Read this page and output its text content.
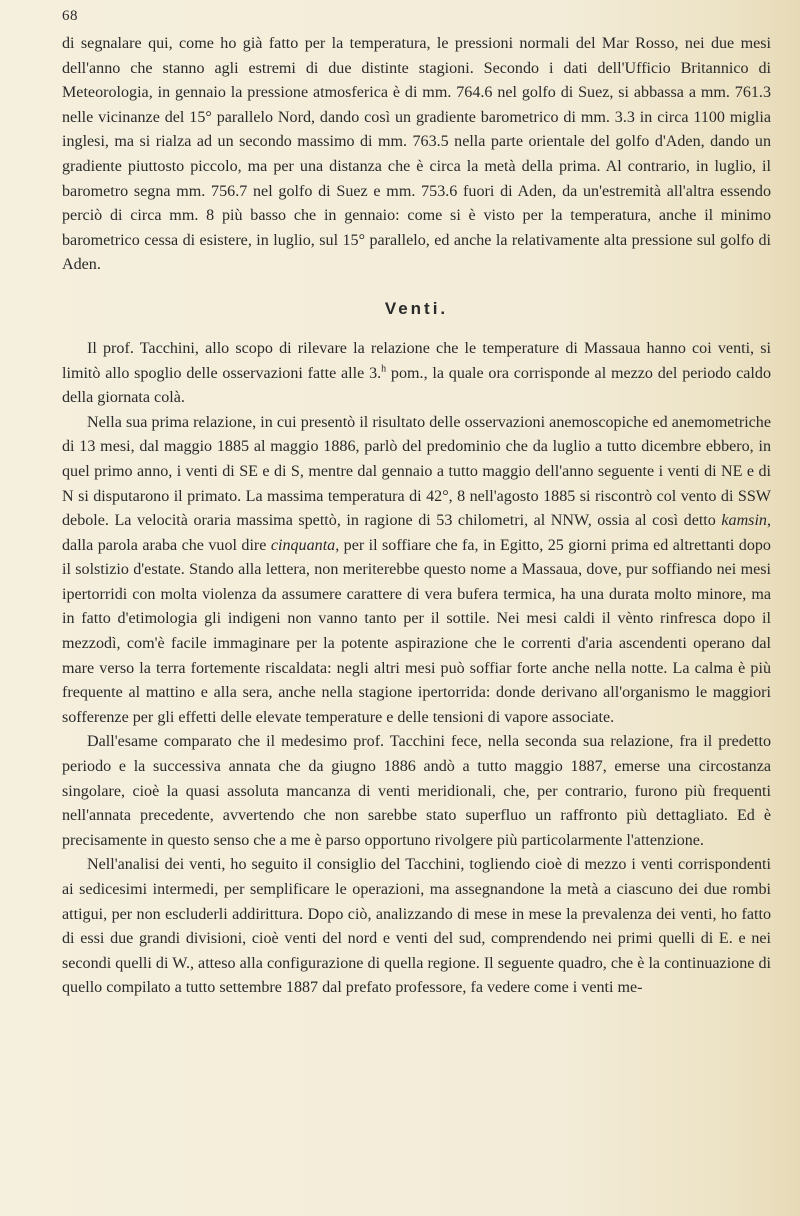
68

di segnalare qui, come ho già fatto per la temperatura, le pressioni normali del Mar Rosso, nei due mesi dell'anno che stanno agli estremi di due distinte stagioni. Secondo i dati dell'Ufficio Britannico di Meteorologia, in gennaio la pressione atmosferica è di mm. 764.6 nel golfo di Suez, si abbassa a mm. 761.3 nelle vicinanze del 15° parallelo Nord, dando così un gradiente barometrico di mm. 3.3 in circa 1100 miglia inglesi, ma si rialza ad un secondo massimo di mm. 763.5 nella parte orientale del golfo d'Aden, dando un gradiente piuttosto piccolo, ma per una distanza che è circa la metà della prima. Al contrario, in luglio, il barometro segna mm. 756.7 nel golfo di Suez e mm. 753.6 fuori di Aden, da un'estremità all'altra essendo perciò di circa mm. 8 più basso che in gennaio: come si è visto per la temperatura, anche il minimo barometrico cessa di esistere, in luglio, sul 15° parallelo, ed anche la relativamente alta pressione sul golfo di Aden.

Venti.

Il prof. Tacchini, allo scopo di rilevare la relazione che le temperature di Massaua hanno coi venti, si limitò allo spoglio delle osservazioni fatte alle 3.$^h$ pom., la quale ora corrisponde al mezzo del periodo caldo della giornata colà.

Nella sua prima relazione, in cui presentò il risultato delle osservazioni anemoscopiche ed anemometriche di 13 mesi, dal maggio 1885 al maggio 1886, parlò del predominio che da luglio a tutto dicembre ebbero, in quel primo anno, i venti di SE e di S, mentre dal gennaio a tutto maggio dell'anno seguente i venti di NE e di N si disputarono il primato. La massima temperatura di 42°, 8 nell'agosto 1885 si riscontrò col vento di SSW debole. La velocità oraria massima spettò, in ragione di 53 chilometri, al NNW, ossia al così detto kamsin, dalla parola araba che vuol dire cinquanta, per il soffiare che fa, in Egitto, 25 giorni prima ed altrettanti dopo il solstizio d'estate. Stando alla lettera, non meriterebbe questo nome a Massaua, dove, pur soffiando nei mesi ipertorridi con molta violenza da assumere carattere di vera bufera termica, ha una durata molto minore, ma in fatto d'etimologia gli indigeni non vanno tanto per il sottile. Nei mesi caldi il vènto rinfresca dopo il mezzodì, com'è facile immaginare per la potente aspirazione che le correnti d'aria ascendenti operano dal mare verso la terra fortemente riscaldata: negli altri mesi può soffiar forte anche nella notte. La calma è più frequente al mattino e alla sera, anche nella stagione ipertorrida: donde derivano all'organismo le maggiori sofferenze per gli effetti delle elevate temperature e delle tensioni di vapore associate.

Dall'esame comparato che il medesimo prof. Tacchini fece, nella seconda sua relazione, fra il predetto periodo e la successiva annata che da giugno 1886 andò a tutto maggio 1887, emerse una circostanza singolare, cioè la quasi assoluta mancanza di venti meridionali, che, per contrario, furono più frequenti nell'annata precedente, avvertendo che non sarebbe stato superfluo un raffronto più dettagliato. Ed è precisamente in questo senso che a me è parso opportuno rivolgere più particolarmente l'attenzione.

Nell'analisi dei venti, ho seguito il consiglio del Tacchini, togliendo cioè di mezzo i venti corrispondenti ai sedicesimi intermedi, per semplificare le operazioni, ma assegnandone la metà a ciascuno dei due rombi attigui, per non escluderli addirittura. Dopo ciò, analizzando di mese in mese la prevalenza dei venti, ho fatto di essi due grandi divisioni, cioè venti del nord e venti del sud, comprendendo nei primi quelli di E. e nei secondi quelli di W., atteso alla configurazione di quella regione. Il seguente quadro, che è la continuazione di quello compilato a tutto settembre 1887 dal prefato professore, fa vedere come i venti me-
